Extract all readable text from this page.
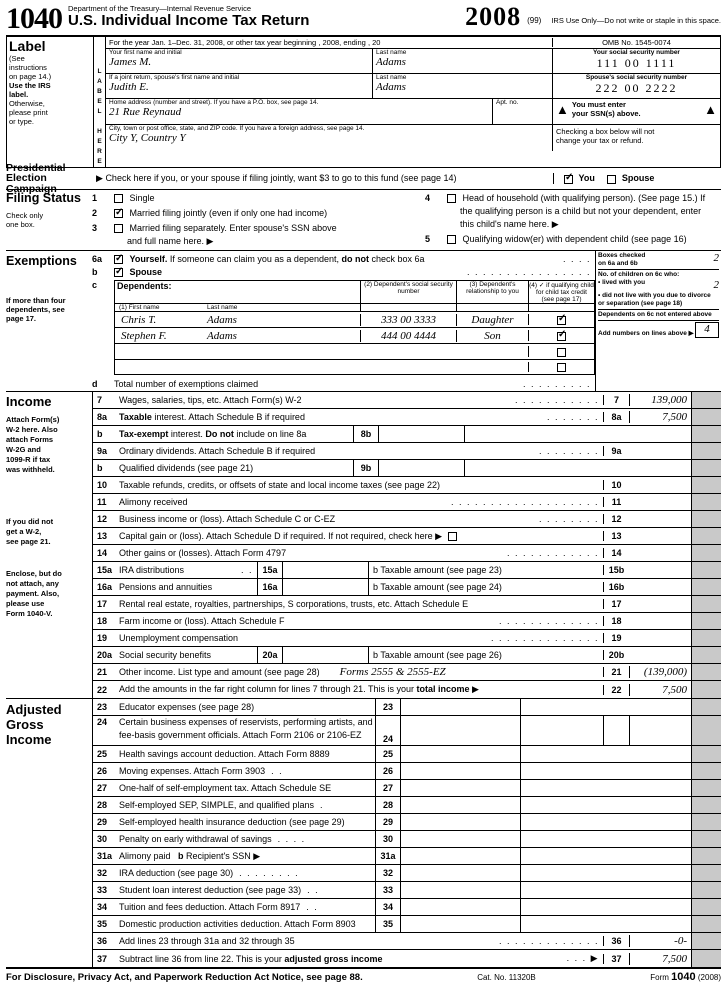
1040 Department of the Treasury—Internal Revenue Service
U.S. Individual Income Tax Return	2008 (99)	IRS Use Only—Do not write or staple in this space.
Label
(See
instructions
on page 14.)
Use the IRS
label.
Otherwise,
please print
or type.
L
A
B
E
L

H
E
R
E
For the year Jan. 1–Dec. 31, 2008, or other tax year beginning , 2008, ending , 20	OMB No. 1545-0074
Your first name and initial
James M.
Last name
Adams
Your social security number
111 00 1111
If a joint return, spouse's first name and initial
Judith E.
Last name
Adams
Spouse's social security number
222 00 2222
Home address (number and street). If you have a P.O. box, see page 14.
21 Rue Reynaud
Apt. no.	▲ You must enter
your SSN(s) above.	▲
City, town or post office, state, and ZIP code. If you have a foreign address, see page 14.
City Y, Country Y
Checking a box below will not
change your tax or refund.
Presidential
Election Campaign
▶ Check here if you, or your spouse if filing jointly, want $3 to go to this fund (see page 14) ✓	You	Spouse
Filing Status
Check only
one box.
1	Single
2 ✓	Married filing jointly (even if only one had income)
3	Married filing separately. Enter spouse's SSN above
and full name here. ▶
4	Head of household (with qualifying person). (See page 15.) If
the qualifying person is a child but not your dependent, enter
this child's name here. ▶
5	Qualifying widow(er) with dependent child (see page 16)
Exemptions
If more than four
dependents, see
page 17.
6a ✓	Yourself. If someone can claim you as a dependent, do not check box 6a	. . . .
b ✓	Spouse	. . . . . . . . . . . . . . . .
c	Dependents:	(2) Dependent's social security number
(3) Dependent's relationship to you
(4) ✓ if qualifying child for child tax credit (see page 17)
(1) First name	Last name
Chris T.	Adams	333 00 3333	Daughter
✓
Stephen F.	Adams	444 00 4444	Son
✓
d	Total number of exemptions claimed	. . . . . . . . .
Boxes checked
on 6a and 6b	2
No. of children on 6c who:
• lived with you	2
• did not live with you due to divorce or separation (see page 18)
Dependents on 6c not entered above
Add numbers on lines above ▶ 4
Income
Attach Form(s)
W-2 here. Also
attach Forms
W-2G and
1099-R if tax
was withheld.
If you did not
get a W-2,
see page 21.
Enclose, but do
not attach, any
payment. Also,
please use
Form 1040-V.
7	Wages, salaries, tips, etc. Attach Form(s) W-2	. . . . . . . . . . .	7	139,000
8a	Taxable interest. Attach Schedule B if required	. . . . . . .	8a	7,500
b	Tax-exempt interest. Do not include on line 8a	8b
9a	Ordinary dividends. Attach Schedule B if required	. . . . . . . .	9a
b	Qualified dividends (see page 21)	9b
10	Taxable refunds, credits, or offsets of state and local income taxes (see page 22)	10
11	Alimony received	. . . . . . . . . . . . . . . . . . .	11
12	Business income or (loss). Attach Schedule C or C-EZ	. . . . . . . .	12
13	Capital gain or (loss). Attach Schedule D if required. If not required, check here ▶	13
14	Other gains or (losses). Attach Form 4797	. . . . . . . . . . . .	14
15a IRA distributions	. .	15a	b Taxable amount (see page 23)	15b
16a Pensions and annuities	16a	b Taxable amount (see page 24)	16b
17	Rental real estate, royalties, partnerships, S corporations, trusts, etc. Attach Schedule E	17
18	Farm income or (loss). Attach Schedule F	. . . . . . . . . . . . .	18
19	Unemployment compensation	. . . . . . . . . . . . . .	19
20a Social security benefits	20a	b Taxable amount (see page 26)	20b
21	Other income. List type and amount (see page 28)	Forms 2555 & 2555-EZ	21	(139,000)
22	Add the amounts in the far right column for lines 7 through 21. This is your total income ▶	22	7,500
Adjusted
Gross
Income
23	Educator expenses (see page 28)	23
24	Certain business expenses of reservists, performing artists, and
fee-basis government officials. Attach Form 2106 or 2106-EZ	24
25	Health savings account deduction. Attach Form 8889	25
26	Moving expenses. Attach Form 3903 . .	26
27	One-half of self-employment tax. Attach Schedule SE	27
28	Self-employed SEP, SIMPLE, and qualified plans .	28
29	Self-employed health insurance deduction (see page 29)	29
30	Penalty on early withdrawal of savings . . . .	30
31a Alimony paid   b Recipient's SSN ▶	31a
32	IRA deduction (see page 30) . . . . . . . .	32
33	Student loan interest deduction (see page 33) . .	33
34	Tuition and fees deduction. Attach Form 8917 . .	34
35	Domestic production activities deduction. Attach Form 8903	35
36	Add lines 23 through 31a and 32 through 35	. . . . . . . . . . . . .	36	-0-
37	Subtract line 36 from line 22. This is your adjusted gross income	. . . ▶	37	7,500
For Disclosure, Privacy Act, and Paperwork Reduction Act Notice, see page 88.	Cat. No. 11320B	Form 1040 (2008)
